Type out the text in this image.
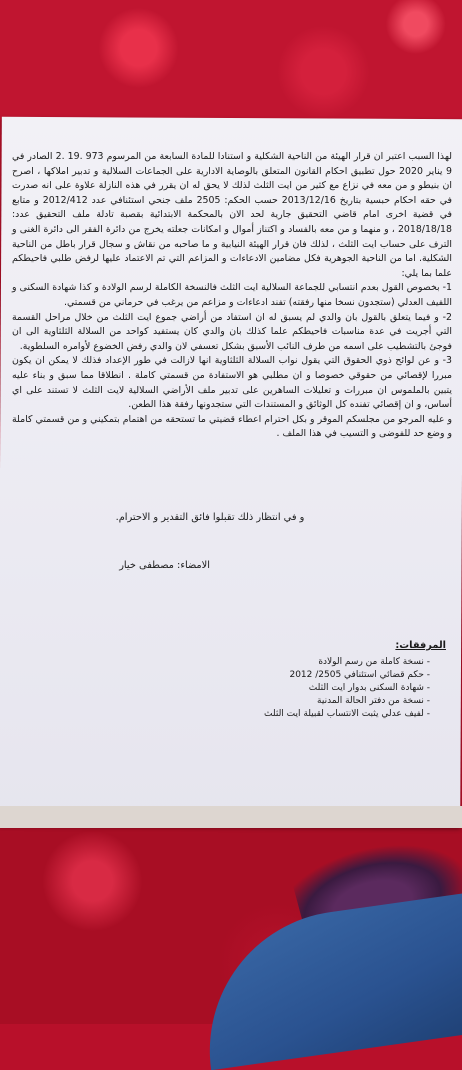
لهذا السبب اعتبر ان قرار الهيئة من الناحية الشكلية و استنادا للمادة السابعة من المرسوم 973 .19 .2 الصادر في 9 يناير 2020 حول تطبيق احكام القانون المتعلق بالوصاية الادارية على الجماعات السلالية و تدبير املاكها ، اصرح ان بنيطو و من معه في نزاع مع كثير من ايت الثلث لذلك لا يحق له ان يقرر في هذه النازلة علاوة على انه صدرت في حقه احكام حبسية بتاريخ 2013/12/16 حسب الحكم: 2505 ملف جنحي استئنافي عدد 2012/412 و متابع في قضية اخرى امام قاضي التحقيق جارية لحد الان بالمحكمة الابتدائية بقصبة تادلة ملف التحقيق عدد: 2018/18/18 ، و منهما و من معه بالفساد و اكتناز أموال و امكانات جعلته يخرج من دائرة الفقر الى دائرة الغنى و الترف على حساب ايت الثلث ، لذلك فان قرار الهيئة النيابية و ما صاحبه من نقاش و سجال قرار باطل من الناحية الشكلية. اما من الناحية الجوهرية فكل مضامين الادعاءات و المزاعم التي تم الاعتماد عليها لرفض طلبي فاحيطكم علما بما يلي:

1- بخصوص القول بعدم انتسابي للجماعة السلالية ايت الثلث فالنسخة الكاملة لرسم الولادة و كذا شهادة السكنى و اللفيف العدلي (ستجدون نسخا منها رفقته) تفند ادعاءات و مزاعم من يرغب في حرماني من قسمتي.

2- و فيما يتعلق بالقول بان والدي لم يسبق له ان استفاد من أراضي جموع ايت الثلث من خلال مراحل القسمة التي أجريت في عدة مناسبات فاحيطكم علما كذلك بان والدي كان يستفيد كواحد من السلالة الثلثاوية الى ان فوجئ بالتشطيب على اسمه من طرف النائب الأسبق بشكل تعسفي لان والدي رفض الخضوع لأوامره السلطوية.

3- و عن لوائح ذوي الحقوق التي يقول نواب السلالة الثلثاوية انها لازالت في طور الإعداد فذلك لا يمكن ان يكون مبررا لإقصائي من حقوقي خصوصا و ان مطلبي هو الاستفادة من قسمتي كاملة . انطلاقا مما سبق و بناء عليه يتبين بالملموس ان مبررات و تعليلات الساهرين على تدبير ملف الأراضي السلالية لايت الثلث لا تستند على اي أساس، و ان إقصائي تفنده كل الوثائق و المستندات التي ستجدونها رفقة هذا الطعن.

و عليه المرجو من مجلسكم الموقر و بكل احترام اعطاء قضيتي ما تستحقه من اهتمام بتمكيني و من قسمتي كاملة و وضع حد للفوضى و التسيب في هذا الملف .

و في انتظار ذلك تقبلوا فائق التقدير و الاحترام.
الامضاء: مصطفى خيار
المرفقات:
- نسخة كاملة من رسم الولادة
- حكم قضائي استئنافي 2505/ 2012
- شهادة السكنى بدوار ايت الثلث
- نسخة من دفتر الحالة المدنية
- لفيف عدلي يثبت الانتساب لقبيلة ايت الثلث
